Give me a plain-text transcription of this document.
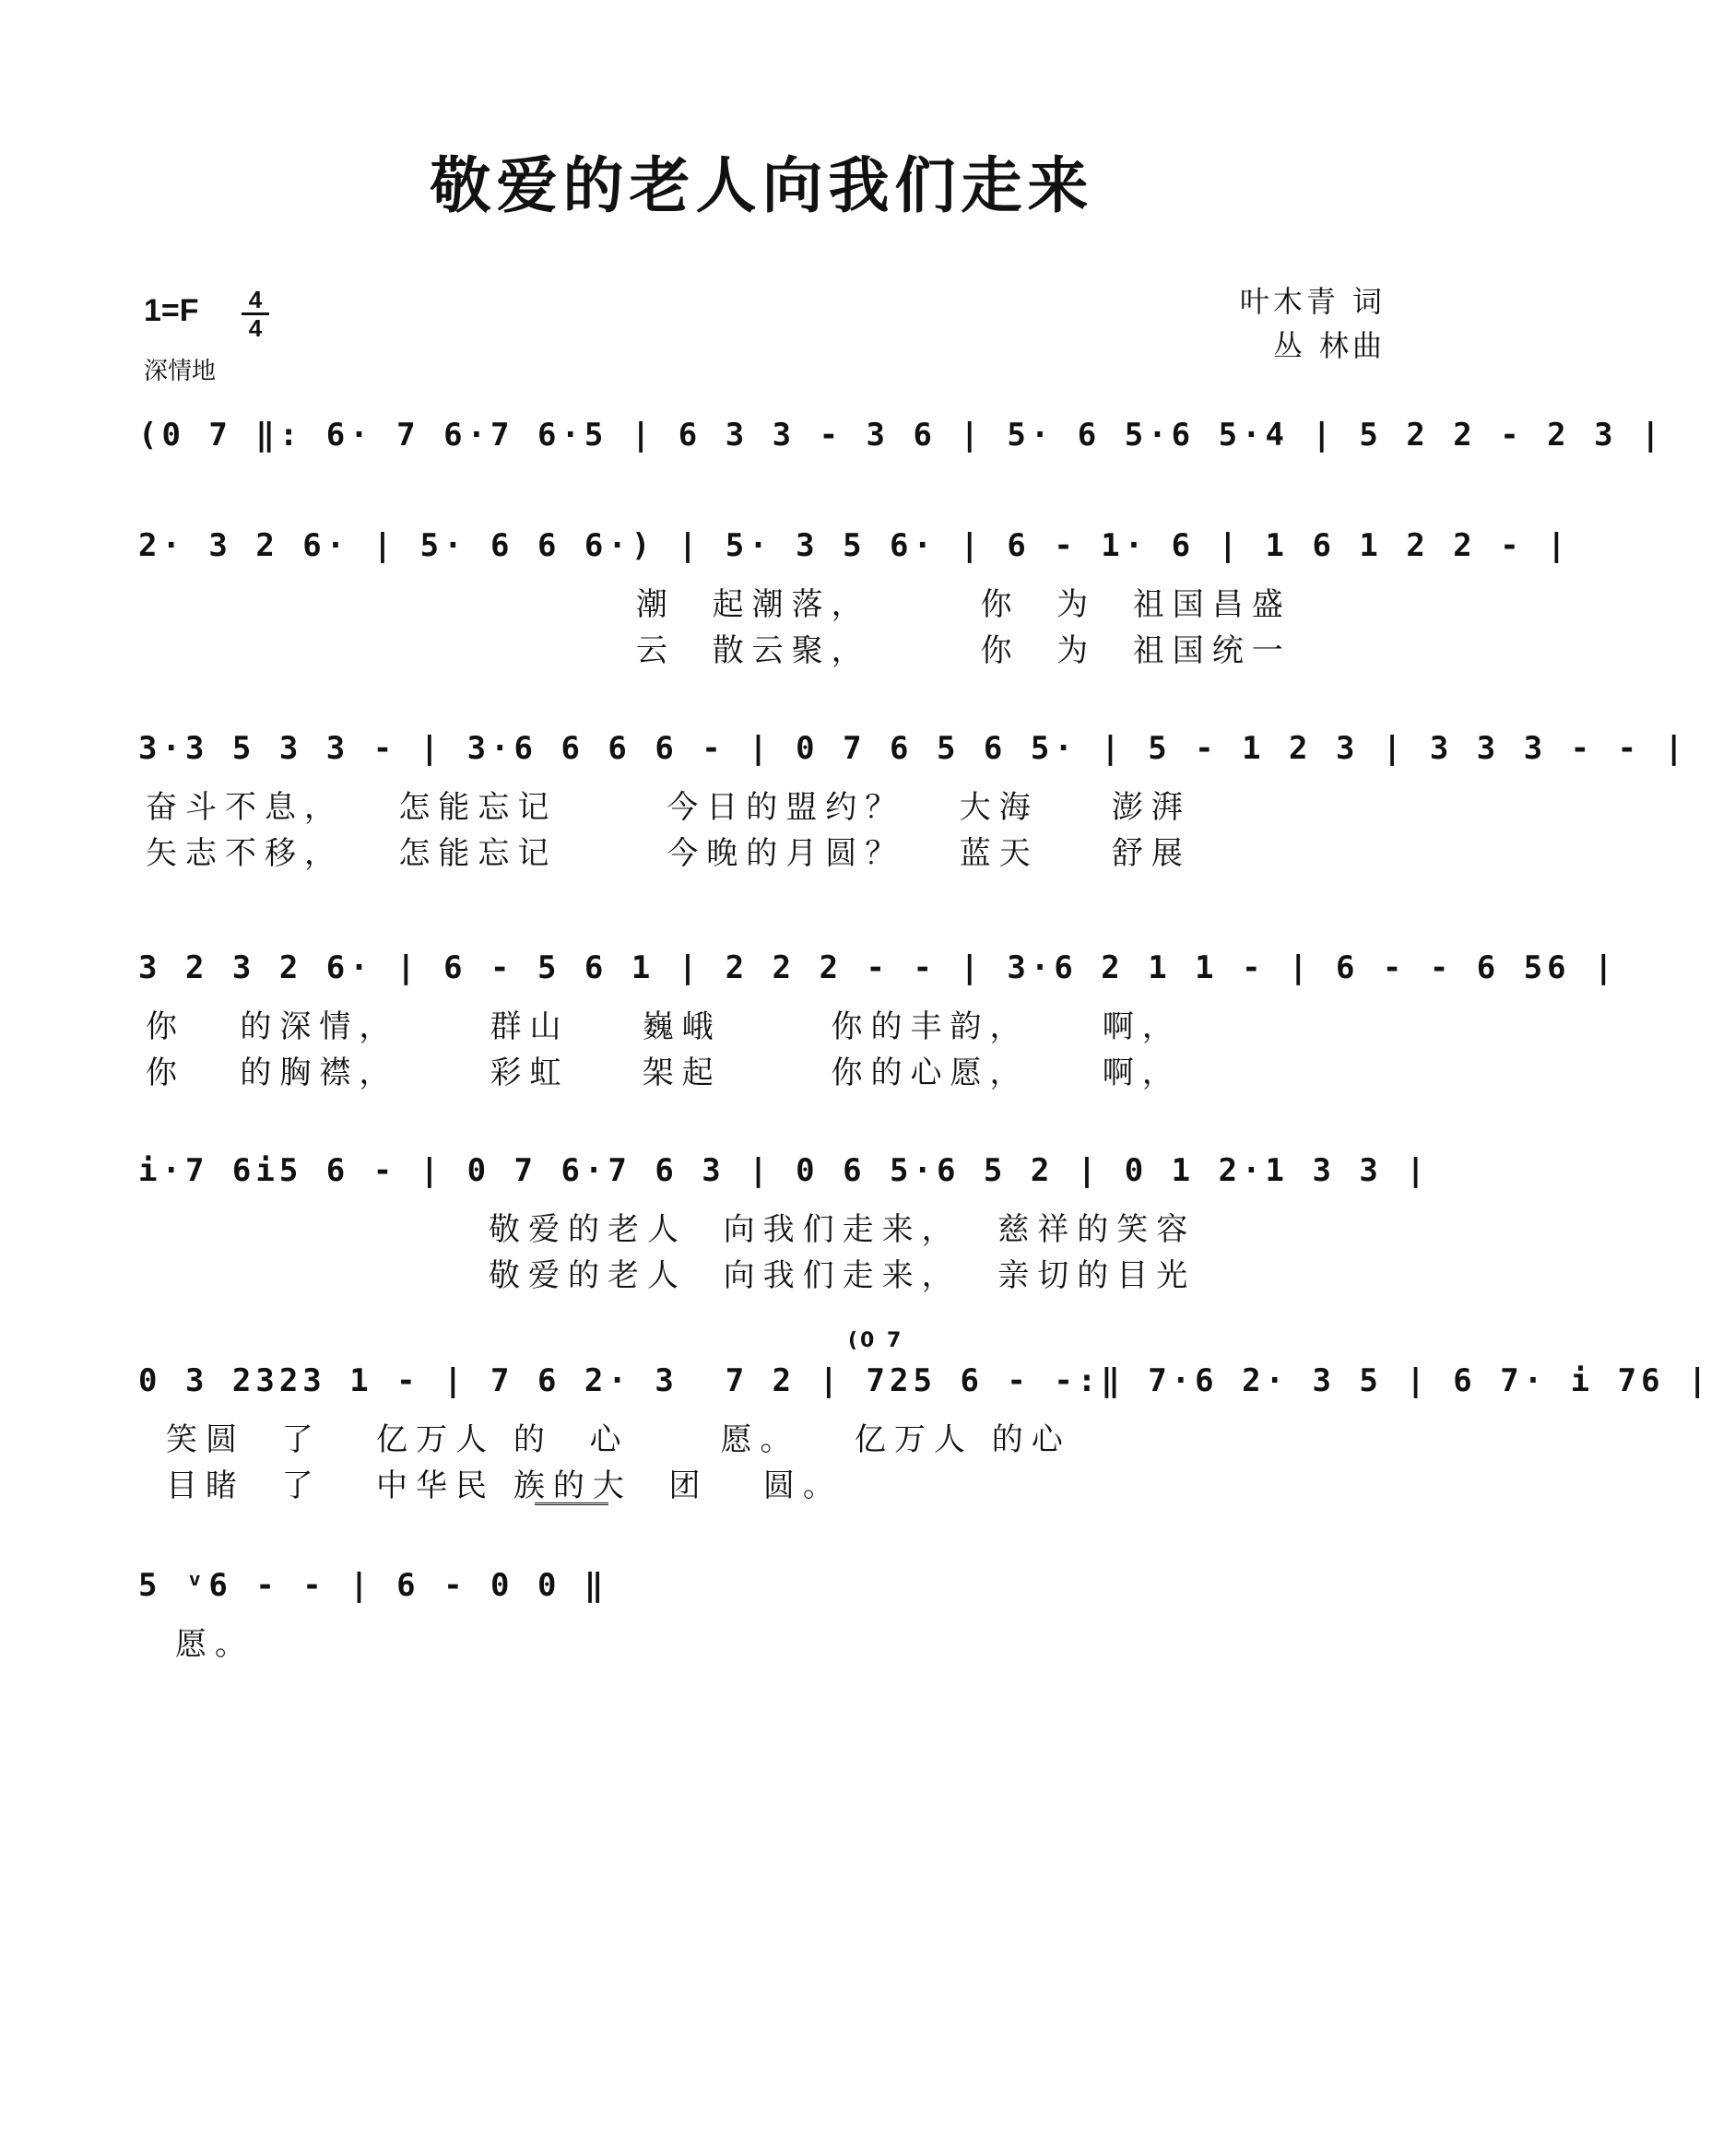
敬爱的老人向我们走来
1=F 4
4
深情地
叶木青 词
丛 林曲
(0 7 ‖: 6· 7 6·7 6·5 | 6 3 3 - 3 6 | 5· 6 5·6 5·4 | 5 2 2 - 2 3 |
2· 3 2 6· | 5· 6 6 6·) | 5· 3 5 6· | 6 - 1· 6 | 1 6 1 2 2 - |
潮  起潮落，      你  为  祖国昌盛
云  散云聚，      你  为  祖国统一
3·3 5 3 3 - | 3·6 6 6 6 - | 0 7 6 5 6 5· | 5 - 1 2 3 | 3 3 3 - - |
奋斗不息，   怎能忘记      今日的盟约？   大海    澎湃
矢志不移，   怎能忘记      今晚的月圆？   蓝天    舒展
3 2 3 2 6· | 6 - 5 6 1 | 2 2 2 - - | 3·6 2 1 1 - | 6 - - 6 56 |
你   的深情，     群山    巍峨      你的丰韵，    啊，
你   的胸襟，     彩虹    架起      你的心愿，    啊，
i·7 6i5 6 - | 0 7 6·7 6 3 | 0 6 5·6 5 2 | 0 1 2·1 3 3 |
敬爱的老人  向我们走来，  慈祥的笑容
敬爱的老人  向我们走来，  亲切的目光
(0 7
0 3 2323 1 - | 7 6 2· 3  7 2 | 725 6 - -:‖ 7·6 2· 3 5 | 6 7· i 76 |
笑圆  了   亿万人 的  心     愿。   亿万人 的心
目睹  了   中华民 族的大  团   圆。
5 ᵛ6 - - | 6 - 0 0 ‖
愿。
